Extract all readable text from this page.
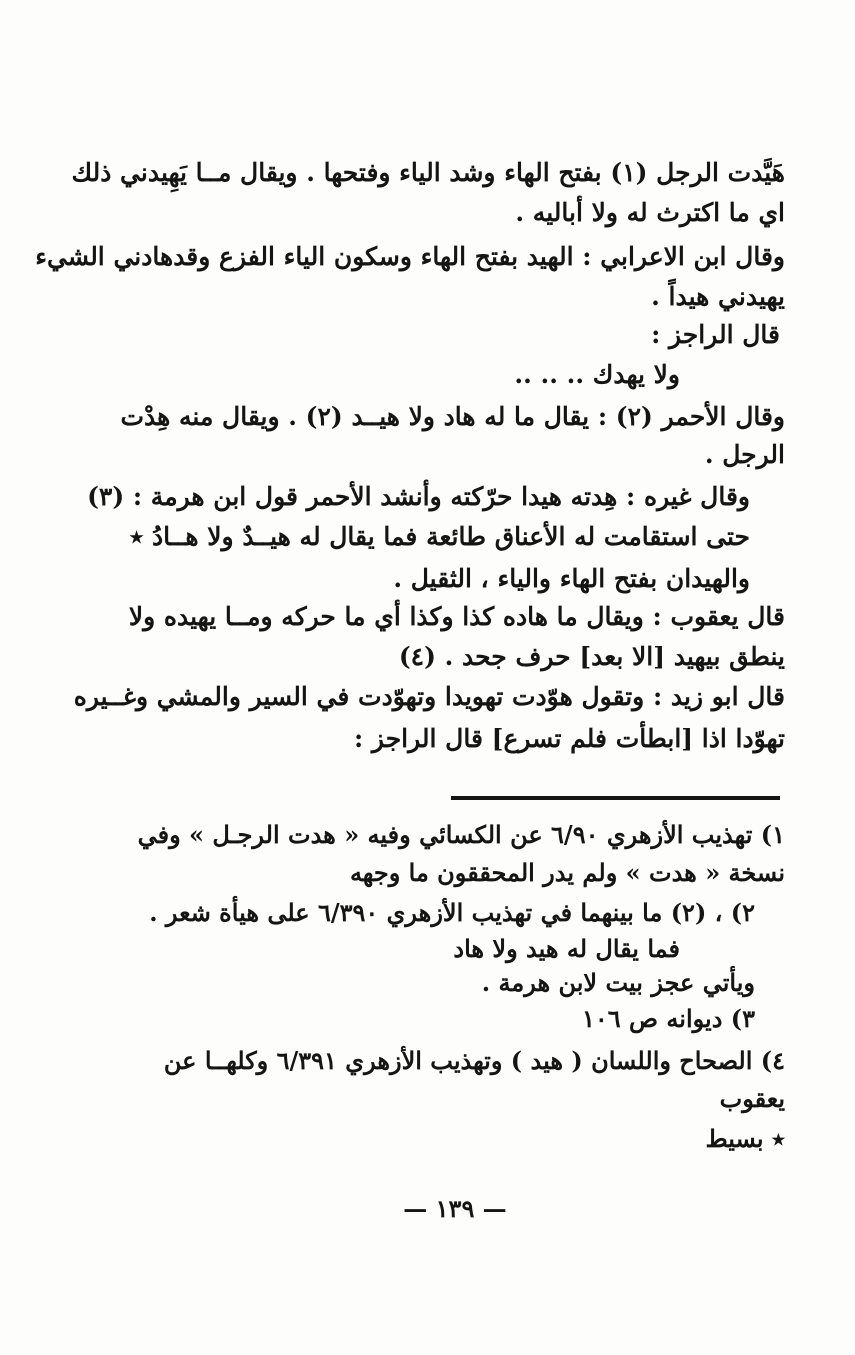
هَيَّدت الرجل (١) بفتح الهاء وشد الياء وفتحها . ويقال مــا يَهِيدني ذلك
اي ما اكترث له ولا أباليه .
وقال ابن الاعرابي : الهيد بفتح الهاء وسكون الياء الفزع وقدهادني الشيء
يهيدني هيداً .
قال الراجز :
ولا يهدك .. .. ..
وقال الأحمر (٢) : يقال ما له هاد ولا هيــد (٢) . ويقال منه هِدْت
الرجل .
وقال غيره : هِدته هيدا حرّكته وأنشد الأحمر قول ابن هرمة : (٣)
حتى استقامت له الأعناق طائعة فما يقال له هيــدٌ ولا هــادُ ٭
والهيدان بفتح الهاء والياء ، الثقيل .
قال يعقوب : ويقال ما هاده كذا وكذا أي ما حركه ومــا يهيده ولا
ينطق بيهيد [الا بعد] حرف جحد . (٤)
قال ابو زيد : وتقول هوّدت تهويدا وتهوّدت في السير والمشي وغــيره
تهوّدا اذا [ابطأت فلم تسرع] قال الراجز :
١) تهذيب الأزهري ٦/٩٠ عن الكسائي وفيه « هدت الرجـل » وفي
نسخة « هدت » ولم يدر المحققون ما وجهه
٢) ، (٢) ما بينهما في تهذيب الأزهري ٦/٣٩٠ على هيأة شعر .
فما يقال له هيد ولا هاد
ويأتي عجز بيت لابن هرمة .
٣) ديوانه ص ١٠٦
٤) الصحاح واللسان ( هيد ) وتهذيب الأزهري ٦/٣٩١ وكلهــا عن
يعقوب
٭ بسيط
— ١٣٩ —
